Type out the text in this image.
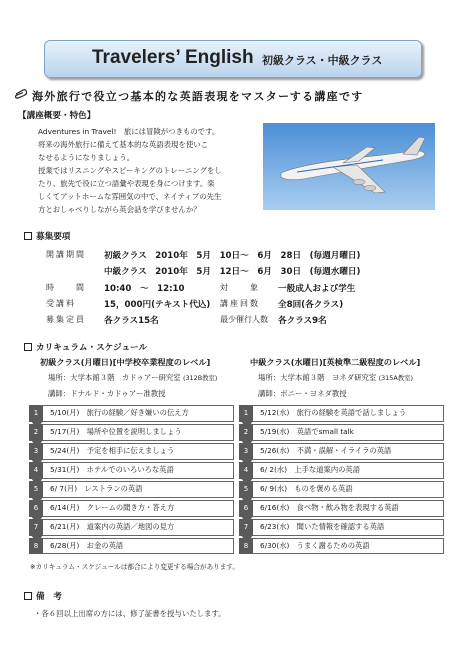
Travelers’ English 初級クラス・中級クラス
海外旅行で役立つ基本的な英語表現をマスターする講座です
【講座概要・特色】
Adventures in Travel!　旅には冒険がつきものです。
将来の海外旅行に備えて基本的な英語表現を使いこ
なせるようになりましょう。
授業ではリスニングやスピーキングのトレーニングをし
たり、旅先で役に立つ語彙や表現を身につけます。楽
しくてアットホームな雰囲気の中で、ネイティブの先生
方とおしゃべりしながら英会話を学びませんか？
募集要項
開講期間 初級クラス　2010年　5月　10日〜　6月　28日　(毎週月曜日)
中級クラス　2010年　5月　12日〜　6月　30日　(毎週水曜日)
時　　間 10:40　〜　12:10	対　　象 一般成人および学生
受講料	15，000円(テキスト代込) 講座回数 全8回(各クラス)
募集定員 各クラス15名	最少催行人数 各クラス9名
カリキュラム・スケジュール
初級クラス(月曜日)[中学校卒業程度のレベル]
場所：大学本館３階　カドゥアー研究室 (312B教室)
講師：ドナルド・カドゥアー准教授
1	5/10(月)　旅行の経験／好き嫌いの伝え方
2	5/17(月)　場所や位置を説明しましょう
3	5/24(月)　予定を相手に伝えましょう
4	5/31(月)　ホテルでのいろいろな英語
5	6/ 7(月)　レストランの英語
6	6/14(月)　クレームの聞き方・答え方
7	6/21(月)　道案内の英語／地図の見方
8	6/28(月)　お金の英語
中級クラス(水曜日)[英検準二級程度のレベル]
場所：大学本館３階　ヨネダ研究室 (315A教室)
講師：ボニー・ヨネダ教授
1	5/12(水)　旅行の経験を英語で話しましょう
2	5/19(水)　英語でsmall talk
3	5/26(水)　不満・誤解・イライラの英語
4	6/ 2(水)　上手な道案内の英語
5	6/ 9(水)　ものを褒める英語
6	6/16(水)　食べ物・飲み物を表現する英語
7	6/23(水)　聞いた情報を確認する英語
8	6/30(水)　うまく謝るための英語
※カリキュラム・スケジュールは都合により変更する場合があります。
備　考
・各６回以上出席の方には、修了証書を授与いたします。
